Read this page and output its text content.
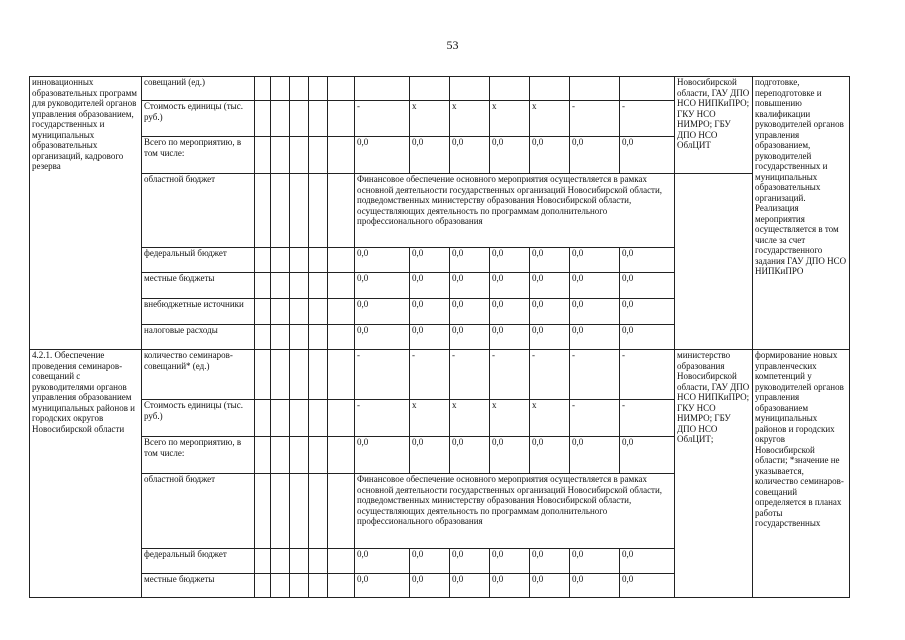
53
инновационных образовательных программ для руководителей органов управления образованием, государственных и муниципальных образовательных организаций, кадрового резерва	совещаний (ед.)													Новосибирской области, ГАУ ДПО НСО НИПКиПРО; ГКУ НСО НИМРО; ГБУ ДПО НСО ОблЦИТ	подготовке, переподготовке и повышению квалификации руководителей органов управления образованием, руководителей государственных и муниципальных образовательных организаций. Реализация мероприятия осуществляется в том числе за счет государственного задания ГАУ ДПО НСО НИПКиПРО
	Стоимость единицы (тыс. руб.)						-	х	х	х	х	-	-		
	Всего по мероприятию, в том числе:						0,0	0,0	0,0	0,0	0,0	0,0	0,0		
	областной бюджет						Финансовое обеспечение основного мероприятия осуществляется в рамках основной деятельности государственных организаций Новосибирской области, подведомственных министерству образования Новосибирской области, осуществляющих деятельность по программам дополнительного профессионального образования								
	федеральный бюджет						0,0	0,0	0,0	0,0	0,0	0,0	0,0		
	местные бюджеты						0,0	0,0	0,0	0,0	0,0	0,0	0,0		
	внебюджетные источники						0,0	0,0	0,0	0,0	0,0	0,0	0,0		
	налоговые расходы						0,0	0,0	0,0	0,0	0,0	0,0	0,0		
4.2.1. Обеспечение проведения семинаров-совещаний с руководителями органов управления образованием муниципальных районов и городских округов Новосибирской области	количество семинаров-совещаний* (ед.)						-	-	-	-	-	-	-	министерство образования Новосибирской области, ГАУ ДПО НСО НИПКиПРО; ГКУ НСО НИМРО; ГБУ ДПО НСО ОблЦИТ;	формирование новых управленческих компетенций у руководителей органов управления образованием муниципальных районов и городских округов Новосибирской области; *значение не указывается, количество семинаров-совещаний определяется в планах работы государственных
	Стоимость единицы (тыс. руб.)						-	х	х	х	х	-	-		
	Всего по мероприятию, в том числе:						0,0	0,0	0,0	0,0	0,0	0,0	0,0		
	областной бюджет						Финансовое обеспечение основного мероприятия осуществляется в рамках основной деятельности государственных организаций Новосибирской области, подведомственных министерству образования Новосибирской области, осуществляющих деятельность по программам дополнительного профессионального образования								
	федеральный бюджет						0,0	0,0	0,0	0,0	0,0	0,0	0,0		
	местные бюджеты						0,0	0,0	0,0	0,0	0,0	0,0	0,0		
